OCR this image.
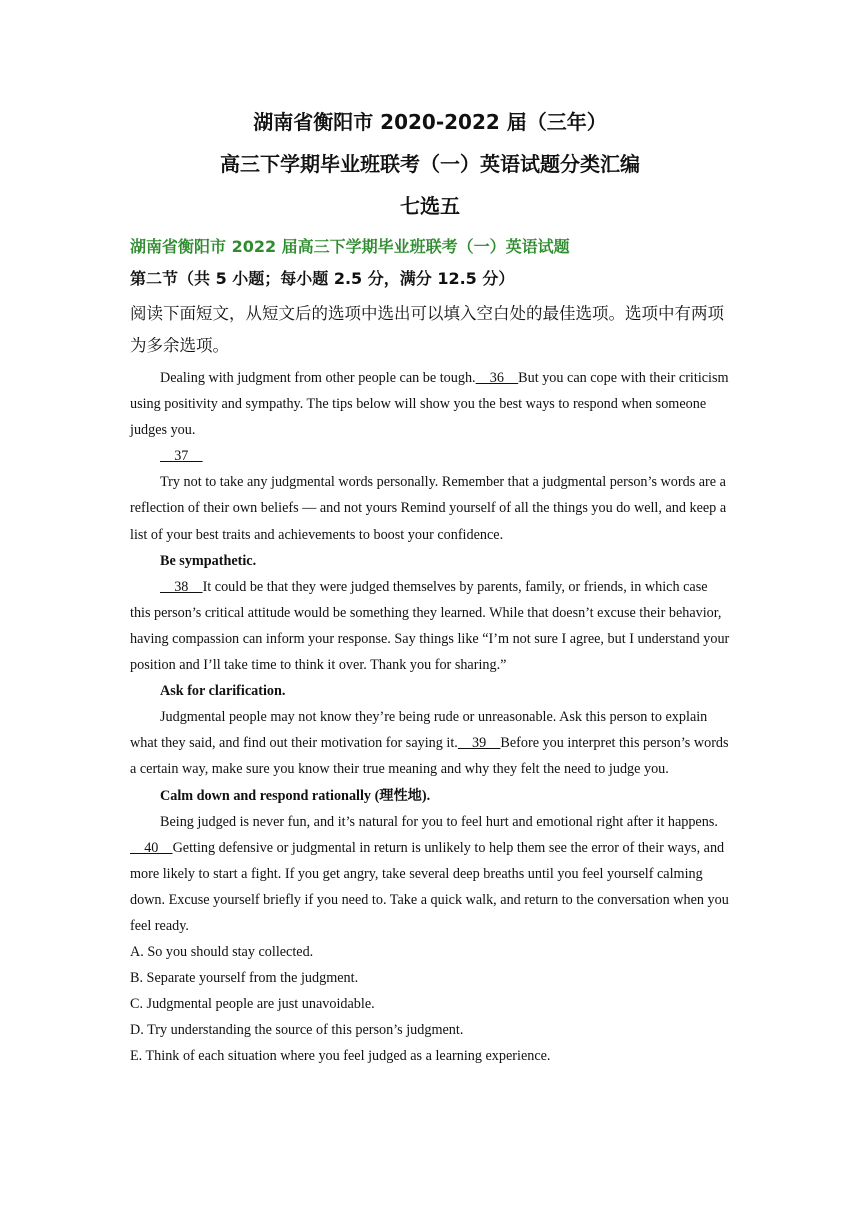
湖南省衡阳市 2020-2022 届（三年）
高三下学期毕业班联考（一）英语试题分类汇编
七选五
湖南省衡阳市 2022 届高三下学期毕业班联考（一）英语试题
第二节（共 5 小题；每小题 2.5 分，满分 12.5 分）
阅读下面短文，从短文后的选项中选出可以填入空白处的最佳选项。选项中有两项为多余选项。

Dealing with judgment from other people can be tough.    36    But you can cope with their criticism using positivity and sympathy. The tips below will show you the best ways to respond when someone judges you.

37

Try not to take any judgmental words personally. Remember that a judgmental person’s words are a reflection of their own beliefs — and not yours Remind yourself of all the things you do well, and keep a list of your best traits and achievements to boost your confidence.

Be sympathetic.

38    It could be that they were judged themselves by parents, family, or friends, in which case this person’s critical attitude would be something they learned. While that doesn’t excuse their behavior, having compassion can inform your response. Say things like “I’m not sure I agree, but I understand your position and I’ll take time to think it over. Thank you for sharing.”

Ask for clarification.

Judgmental people may not know they’re being rude or unreasonable. Ask this person to explain what they said, and find out their motivation for saying it.    39    Before you interpret this person’s words a certain way, make sure you know their true meaning and why they felt the need to judge you.

Calm down and respond rationally (理性地).

Being judged is never fun, and it’s natural for you to feel hurt and emotional right after it happens.    40    Getting defensive or judgmental in return is unlikely to help them see the error of their ways, and more likely to start a fight. If you get angry, take several deep breaths until you feel yourself calming down. Excuse yourself briefly if you need to. Take a quick walk, and return to the conversation when you feel ready.

A. So you should stay collected.

B. Separate yourself from the judgment.

C. Judgmental people are just unavoidable.

D. Try understanding the source of this person’s judgment.

E. Think of each situation where you feel judged as a learning experience.
